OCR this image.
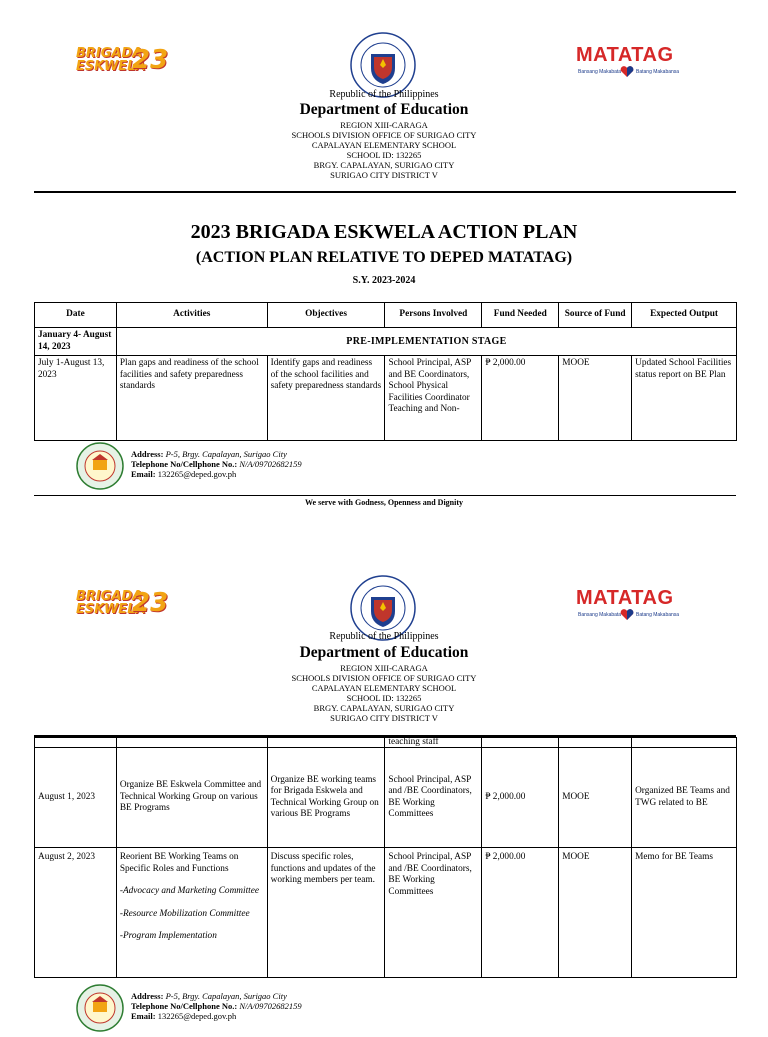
BRIGADA
ESKWELA
23	MATATAG
Bansang Makabata	Batang Makabansa
Republic of the Philippines
Department of Education
REGION XIII-CARAGA
SCHOOLS DIVISION OFFICE OF SURIGAO CITY
CAPALAYAN ELEMENTARY SCHOOL
SCHOOL ID: 132265
BRGY. CAPALAYAN, SURIGAO CITY
SURIGAO CITY DISTRICT V
2023 BRIGADA ESKWELA ACTION PLAN
(ACTION PLAN RELATIVE TO DEPED MATATAG)
S.Y. 2023-2024
Date	Activities	Objectives	Persons Involved	Fund Needed	Source of Fund	Expected Output
January 4- August 14, 2023	PRE-IMPLEMENTATION STAGE					
July 1-August 13, 2023	Plan gaps and readiness of the school facilities and safety preparedness standards	Identify gaps and readiness of the school facilities and safety preparedness standards	School Principal, ASP and BE Coordinators, School Physical Facilities Coordinator Teaching and Non-	₱ 2,000.00	MOOE	Updated School Facilities status report on BE Plan
Address: P-5, Brgy. Capalayan, Surigao City
Telephone No/Cellphone No.: N/A/09702682159
Email: 132265@deped.gov.ph
We serve with Godness, Openness and Dignity
BRIGADA
ESKWELA
23	MATATAG
Bansang Makabata	Batang Makabansa
Republic of the Philippines
Department of Education
REGION XIII-CARAGA
SCHOOLS DIVISION OFFICE OF SURIGAO CITY
CAPALAYAN ELEMENTARY SCHOOL
SCHOOL ID: 132265
BRGY. CAPALAYAN, SURIGAO CITY
SURIGAO CITY DISTRICT V
			teaching staff			
August 1, 2023	Organize BE Eskwela Committee and Technical Working Group on various BE Programs	Organize BE working teams for Brigada Eskwela and Technical Working Group on various BE Programs	School Principal, ASP and /BE Coordinators, BE Working Committees	₱ 2,000.00	MOOE	Organized BE Teams and TWG related to BE
August 2, 2023	Reorient BE Working Teams on Specific Roles and Functions
-Advocacy and Marketing Committee
-Resource Mobilization Committee
-Program Implementation	Discuss specific roles, functions and updates of the working members per team.	School Principal, ASP and /BE Coordinators, BE Working Committees	₱ 2,000.00	MOOE	Memo for BE Teams
Address: P-5, Brgy. Capalayan, Surigao City
Telephone No/Cellphone No.: N/A/09702682159
Email: 132265@deped.gov.ph
